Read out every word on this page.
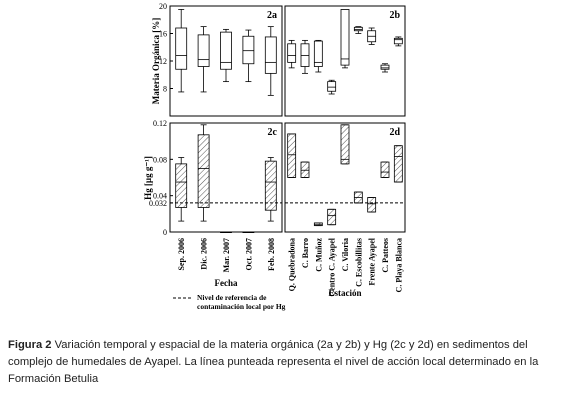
2a
8
12
16
20
2b
2c
0
0.032
0.04
0.08
0.12
Sep. 2006 Dic. 2006 Mar. 2007 Oct. 2007 Feb. 2008
2d
Q. Quebradona C. Barro C. Muñoz Centro C. Ayapel C. Viloria C. Escobillitas Frente Ayapel C. Patteos C. Playa Blanca
Materia Orgánica [%]
Hg [µg g⁻¹]
Fecha
Estación
Nivel de referencia de
contaminación local por Hg
Figura 2 Variación temporal y espacial de la materia orgánica (2a y 2b) y Hg (2c y 2d) en sedimentos del complejo de humedales de Ayapel. La línea punteada representa el nivel de acción local determinado en la Formación Betulia
